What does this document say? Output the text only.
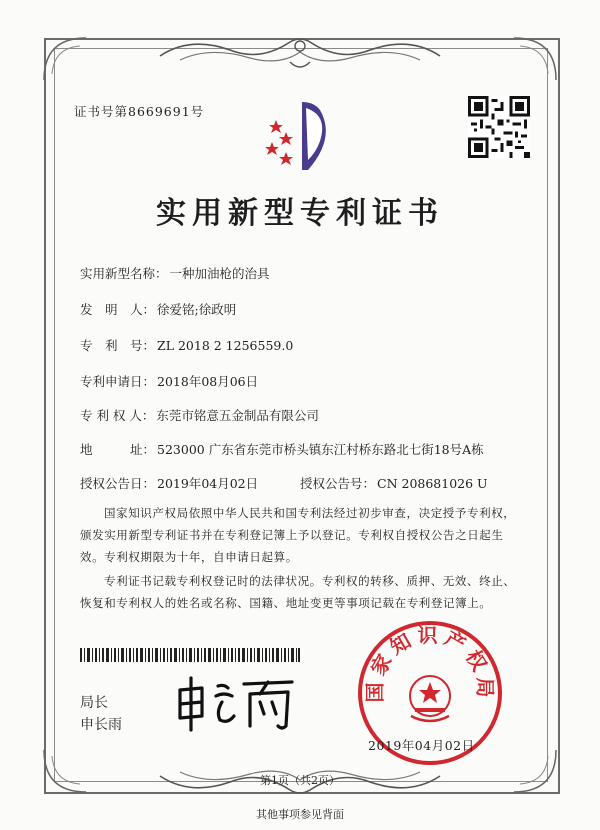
证书号第8669691号
实用新型专利证书
实用新型名称： 一种加油枪的治具
发　明　人： 徐爱铭;徐政明
专　利　号： ZL 2018 2 1256559.0
专利申请日： 2018年08月06日
专 利 权 人： 东莞市铭意五金制品有限公司
地　　　址： 523000 广东省东莞市桥头镇东江村桥东路北七街18号A栋
授权公告日： 2019年04月02日	授权公告号： CN 208681026 U
国家知识产权局依照中华人民共和国专利法经过初步审查，决定授予专利权，颁发实用新型专利证书并在专利登记簿上予以登记。专利权自授权公告之日起生效。专利权期限为十年，自申请日起算。
专利证书记载专利权登记时的法律状况。专利权的转移、质押、无效、终止、恢复和专利权人的姓名或名称、国籍、地址变更等事项记载在专利登记簿上。
局长
申长雨
国家知识产权局
2019年04月02日
第1页（共2页）
其他事项参见背面
